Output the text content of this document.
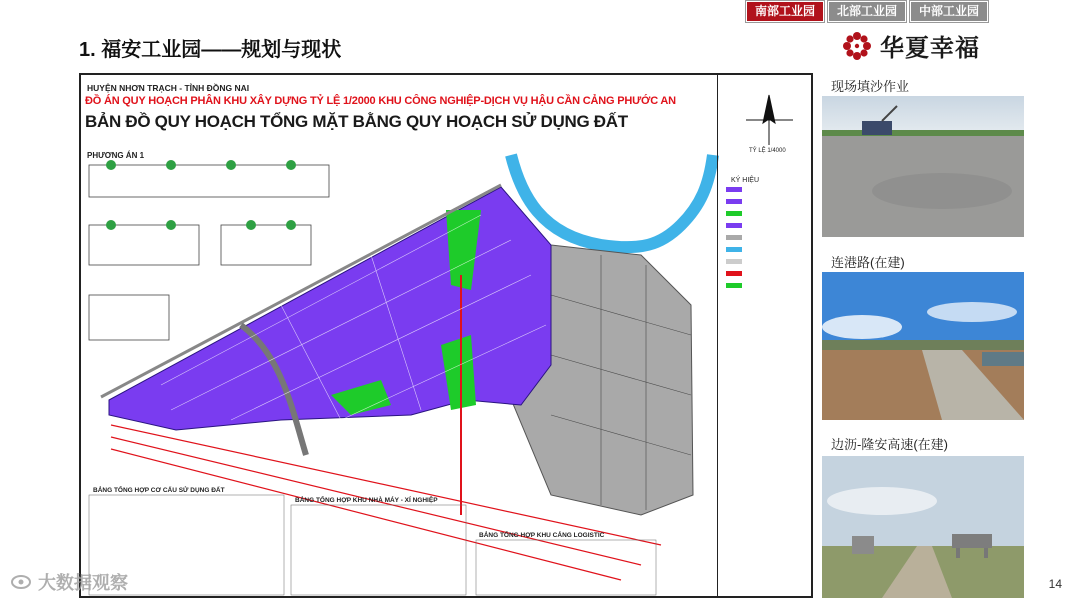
南部工业园	北部工业园	中部工业园
1. 福安工业园——规划与现状	华夏幸福
HUYỆN NHƠN TRẠCH - TỈNH ĐỒNG NAI
ĐỒ ÁN QUY HOẠCH PHÂN KHU XÂY DỰNG TỶ LỆ 1/2000 KHU CÔNG NGHIỆP-DỊCH VỤ HẬU CẦN CẢNG PHƯỚC AN
BẢN ĐỒ QUY HOẠCH TỔNG MẶT BẰNG QUY HOẠCH SỬ DỤNG ĐẤT
PHƯƠNG ÁN 1	TỶ LỆ 1/4000
KÝ HIỆU
BẢNG TỔNG HỢP CƠ CẤU SỬ DỤNG ĐẤT
BẢNG TỔNG HỢP KHU NHÀ MÁY - XÍ NGHIỆP
BẢNG TỔNG HỢP KHU CẢNG LOGISTIC
现场填沙作业
连港路(在建)
边沥-隆安高速(在建)
14
大数据观察
